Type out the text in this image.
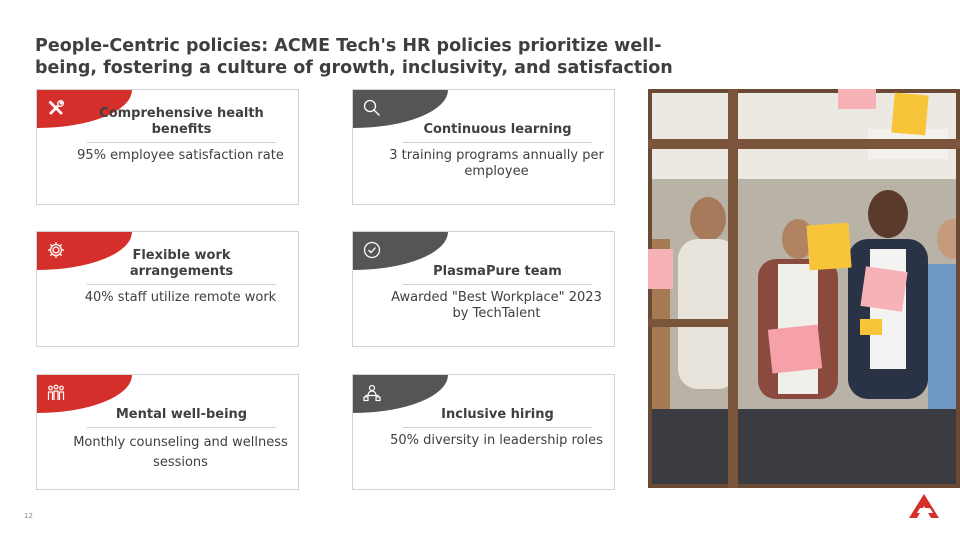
People-Centric policies: ACME Tech's HR policies prioritize well-being, fostering a culture of growth, inclusivity, and satisfaction
Comprehensive health benefits
95% employee satisfaction rate
Continuous learning
3 training programs annually per employee
Flexible work arrangements
40% staff utilize remote work
PlasmaPure team
Awarded "Best Workplace" 2023 by TechTalent
Mental well-being
Monthly counseling and wellness sessions
Inclusive hiring
50% diversity in leadership roles
12
